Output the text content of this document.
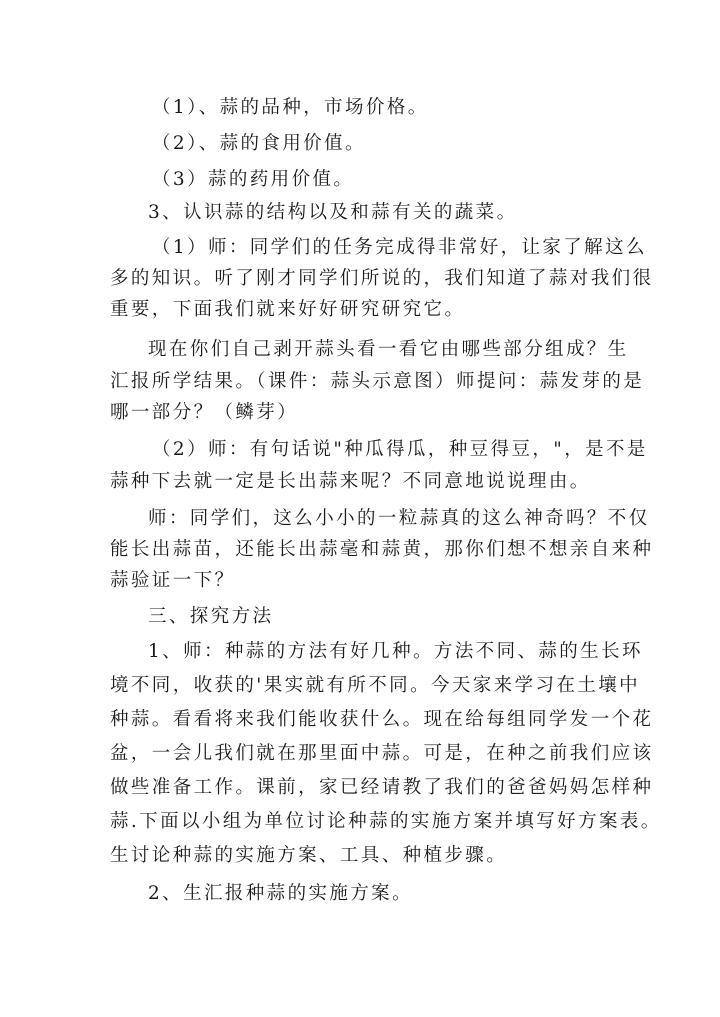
（1）、蒜的品种，市场价格。
（2）、蒜的食用价值。
（3）蒜的药用价值。
3、认识蒜的结构以及和蒜有关的蔬菜。
（1）师：同学们的任务完成得非常好，让家了解这么
多的知识。听了刚才同学们所说的，我们知道了蒜对我们很
重要，下面我们就来好好研究研究它。
现在你们自己剥开蒜头看一看它由哪些部分组成？生
汇报所学结果。（课件：蒜头示意图）师提问：蒜发芽的是
哪一部分？（鳞芽）
（2）师：有句话说"种瓜得瓜，种豆得豆，"，是不是
蒜种下去就一定是长出蒜来呢？不同意地说说理由。
师：同学们，这么小小的一粒蒜真的这么神奇吗？不仅
能长出蒜苗，还能长出蒜毫和蒜黄，那你们想不想亲自来种
蒜验证一下？
三、探究方法
1、师：种蒜的方法有好几种。方法不同、蒜的生长环
境不同，收获的'果实就有所不同。今天家来学习在土壤中
种蒜。看看将来我们能收获什么。现在给每组同学发一个花
盆，一会儿我们就在那里面中蒜。可是，在种之前我们应该
做些准备工作。课前，家已经请教了我们的爸爸妈妈怎样种
蒜.下面以小组为单位讨论种蒜的实施方案并填写好方案表。
生讨论种蒜的实施方案、工具、种植步骤。
2、生汇报种蒜的实施方案。
